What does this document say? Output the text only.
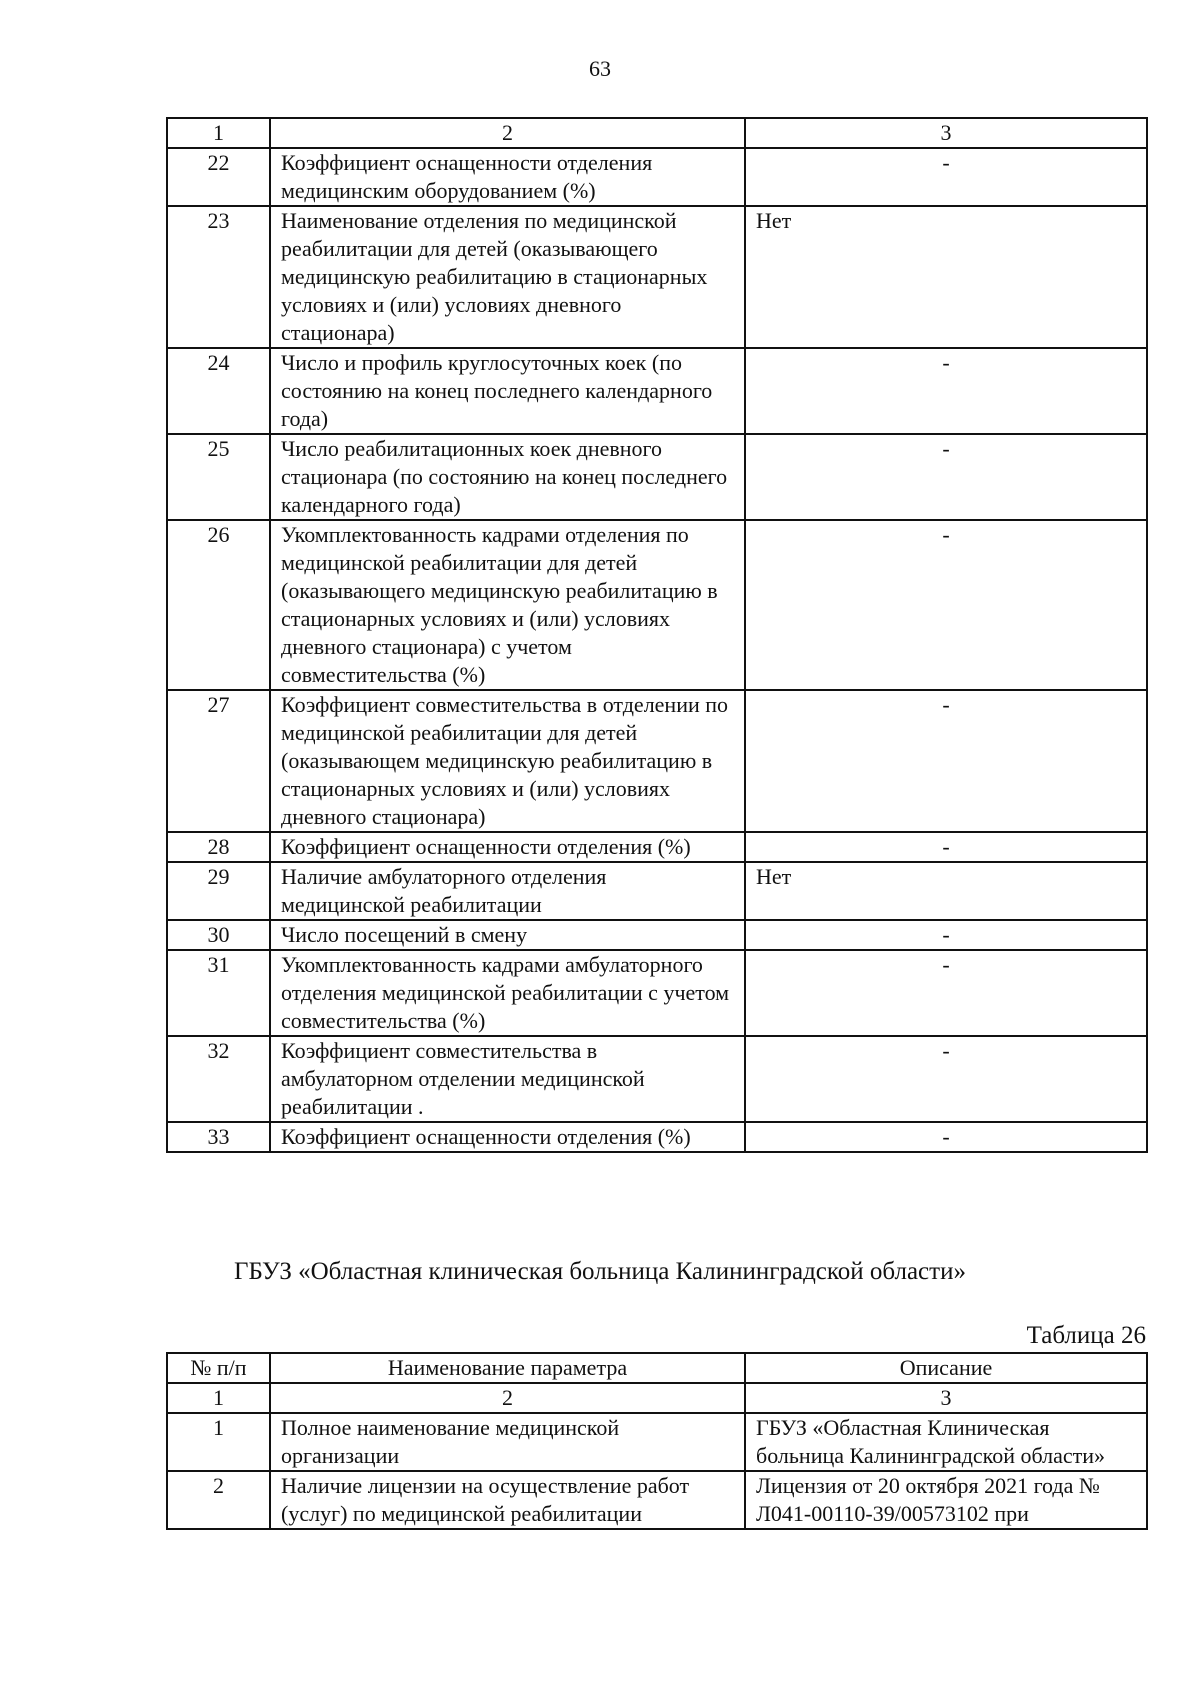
63
1	2	3
22	Коэффициент оснащенности отделения медицинским оборудованием (%)	-
23	Наименование отделения по медицинской реабилитации для детей (оказывающего медицинскую реабилитацию в стационарных условиях и (или) условиях дневного стационара)	Нет
24	Число и профиль круглосуточных коек (по состоянию на конец последнего календарного года)	-
25	Число реабилитационных коек дневного стационара (по состоянию на конец последнего календарного года)	-
26	Укомплектованность кадрами отделения по медицинской реабилитации для детей (оказывающего медицинскую реабилитацию в стационарных условиях и (или) условиях дневного стационара) с учетом совместительства (%)	-
27	Коэффициент совместительства в отделении по медицинской реабилитации для детей (оказывающем медицинскую реабилитацию в стационарных условиях и (или) условиях дневного стационара)	-
28	Коэффициент оснащенности отделения (%)	-
29	Наличие амбулаторного отделения медицинской реабилитации	Нет
30	Число посещений в смену	-
31	Укомплектованность кадрами амбулаторного отделения медицинской реабилитации с учетом совместительства (%)	-
32	Коэффициент совместительства в амбулаторном отделении медицинской реабилитации .	-
33	Коэффициент оснащенности отделения (%)	-
ГБУЗ «Областная клиническая больница Калининградской области»
Таблица 26
№ п/п	Наименование параметра	Описание
1	2	3
1	Полное наименование медицинской организации	ГБУЗ «Областная Клиническая больница Калининградской области»
2	Наличие лицензии на осуществление работ (услуг) по медицинской реабилитации	Лицензия от 20 октября 2021 года № Л041-00110-39/00573102 при
